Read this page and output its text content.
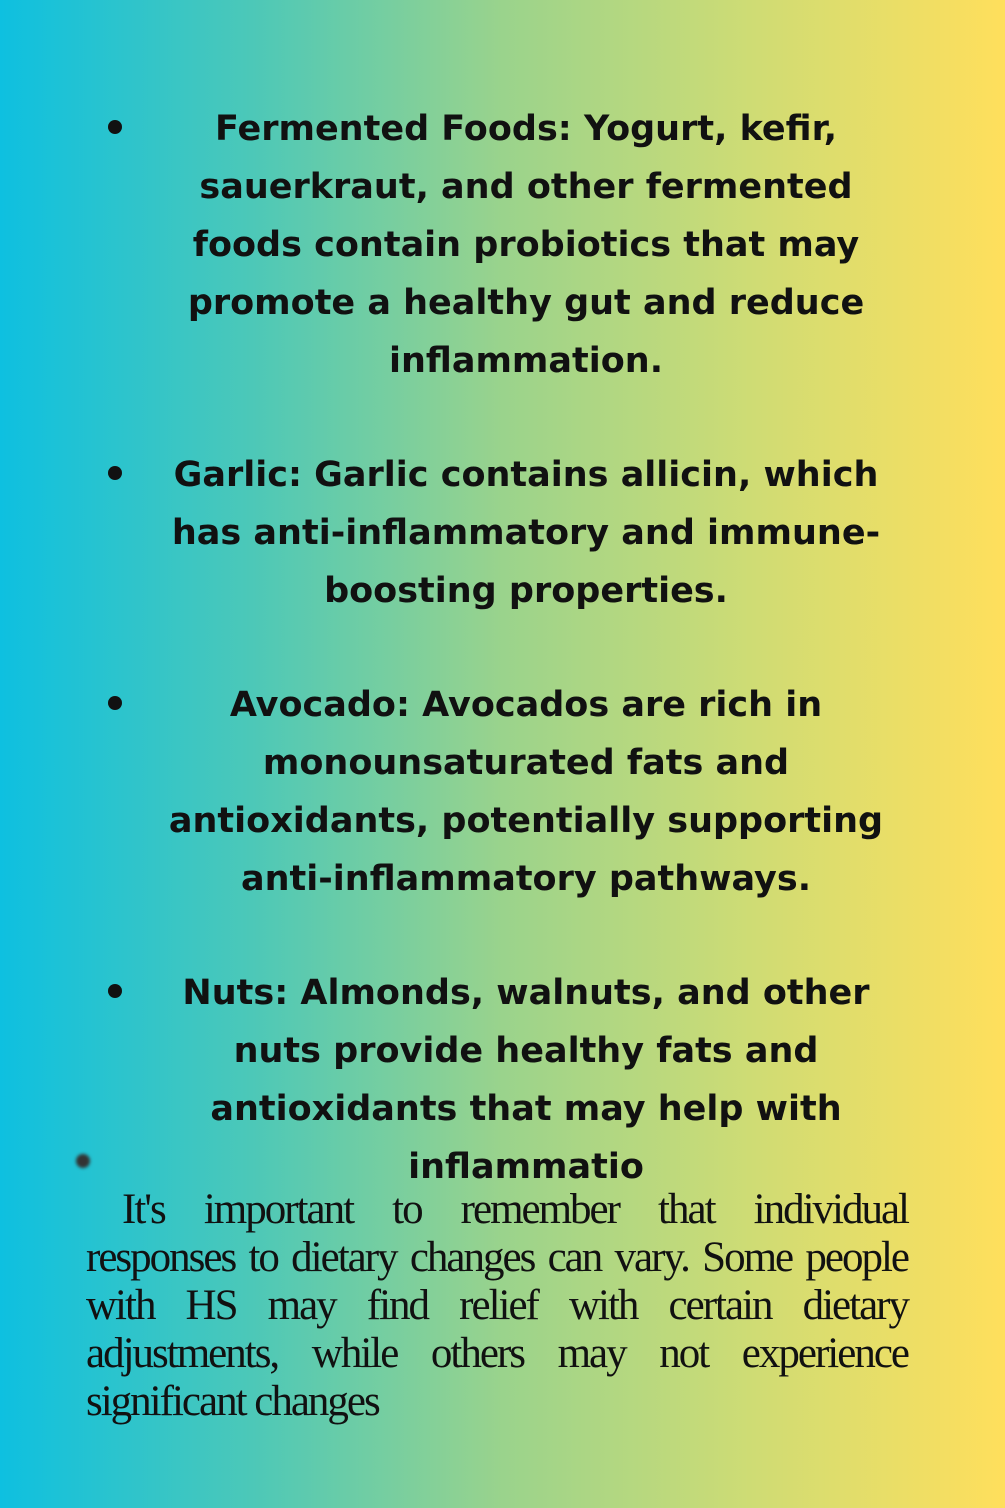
Fermented Foods: Yogurt, kefir, sauerkraut, and other fermented foods contain probiotics that may promote a healthy gut and reduce inflammation.
Garlic: Garlic contains allicin, which has anti-inflammatory and immune-boosting properties.
Avocado: Avocados are rich in monounsaturated fats and antioxidants, potentially supporting anti-inflammatory pathways.
Nuts: Almonds, walnuts, and other nuts provide healthy fats and antioxidants that may help with inflammatio

It's important to remember that individual responses to dietary changes can vary. Some people with HS may find relief with certain dietary adjustments, while others may not experience significant changes
